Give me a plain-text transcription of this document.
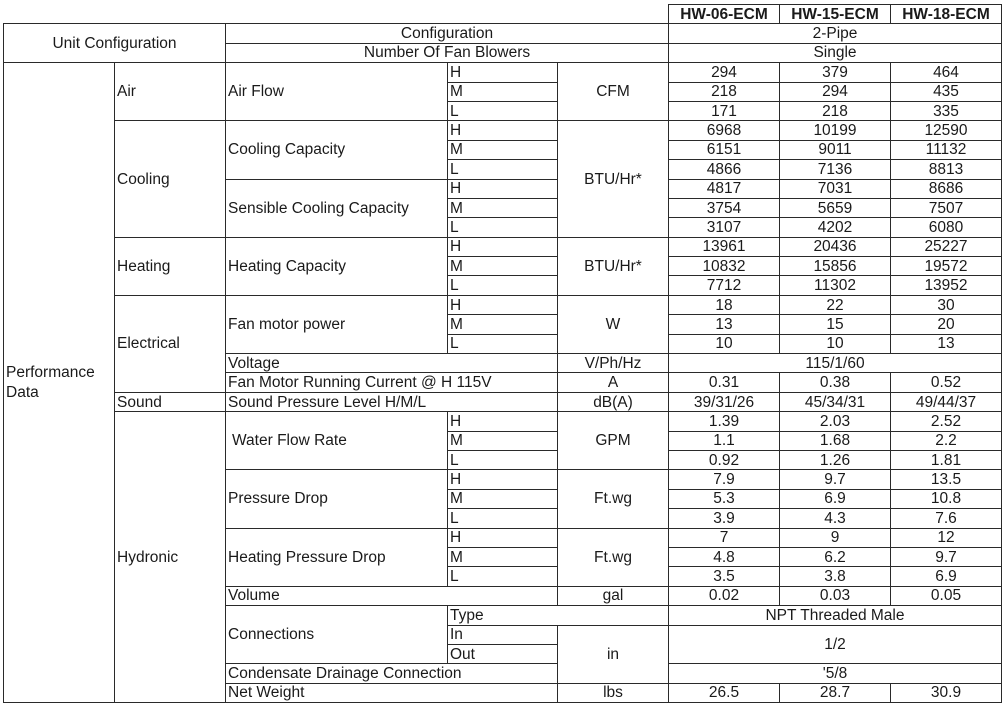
					HW-06-ECM	HW-15-ECM	HW-18-ECM
Unit Configuration		Configuration			2-Pipe		
		Number Of Fan Blowers			Single		
Performance Data	Air	Air Flow	H	CFM	294	379	464
			M		218	294	435
			L		171	218	335
	Cooling	Cooling Capacity	H	BTU/Hr*	6968	10199	12590
			M		6151	9011	11132
			L		4866	7136	8813
		Sensible Cooling Capacity	H		4817	7031	8686
			M		3754	5659	7507
			L		3107	4202	6080
	Heating	Heating Capacity	H	BTU/Hr*	13961	20436	25227
			M		10832	15856	19572
			L		7712	11302	13952
	Electrical	Fan motor power	H	W	18	22	30
			M		13	15	20
			L		10	10	13
		Voltage		V/Ph/Hz	115/1/60		
		Fan Motor Running Current @ H 115V		A	0.31	0.38	0.52
	Sound	Sound Pressure Level H/M/L		dB(A)	39/31/26	45/34/31	49/44/37
	Hydronic	Water Flow Rate	H	GPM	1.39	2.03	2.52
			M		1.1	1.68	2.2
			L		0.92	1.26	1.81
		Pressure Drop	H	Ft.wg	7.9	9.7	13.5
			M		5.3	6.9	10.8
			L		3.9	4.3	7.6
		Heating Pressure Drop	H	Ft.wg	7	9	12
			M		4.8	6.2	9.7
			L		3.5	3.8	6.9
		Volume		gal	0.02	0.03	0.05
		Connections	Type		NPT Threaded Male		
			In	in	1/2		
			Out				
		Condensate Drainage Connection			'5/8		
		Net Weight		lbs	26.5	28.7	30.9
